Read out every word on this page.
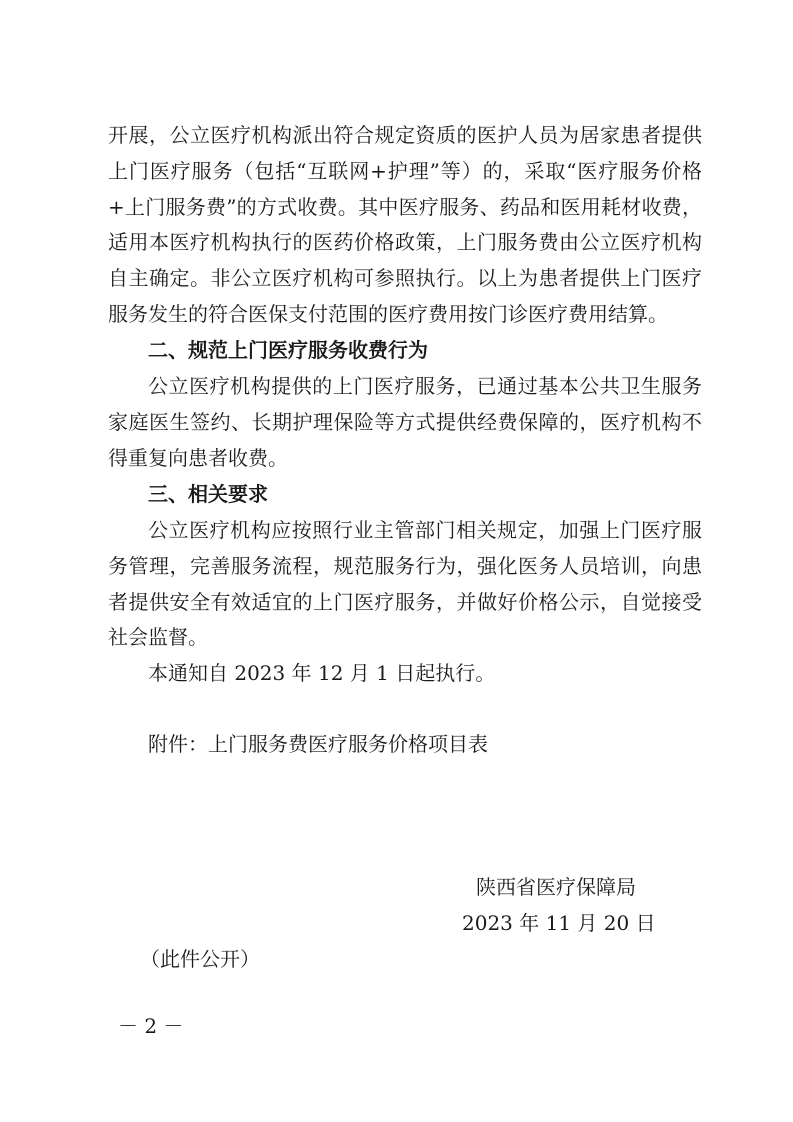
开展，公立医疗机构派出符合规定资质的医护人员为居家患者提供上门医疗服务（包括“互联网+护理”等）的，采取“医疗服务价格+上门服务费”的方式收费。其中医疗服务、药品和医用耗材收费，适用本医疗机构执行的医药价格政策，上门服务费由公立医疗机构自主确定。非公立医疗机构可参照执行。以上为患者提供上门医疗服务发生的符合医保支付范围的医疗费用按门诊医疗费用结算。

二、规范上门医疗服务收费行为

公立医疗机构提供的上门医疗服务，已通过基本公共卫生服务家庭医生签约、长期护理保险等方式提供经费保障的，医疗机构不得重复向患者收费。

三、相关要求

公立医疗机构应按照行业主管部门相关规定，加强上门医疗服务管理，完善服务流程，规范服务行为，强化医务人员培训，向患者提供安全有效适宜的上门医疗服务，并做好价格公示，自觉接受社会监督。

本通知自 2023 年 12 月 1 日起执行。

附件：上门服务费医疗服务价格项目表

陕西省医疗保障局

2023 年 11 月 20 日

（此件公开）

－ 2 －
